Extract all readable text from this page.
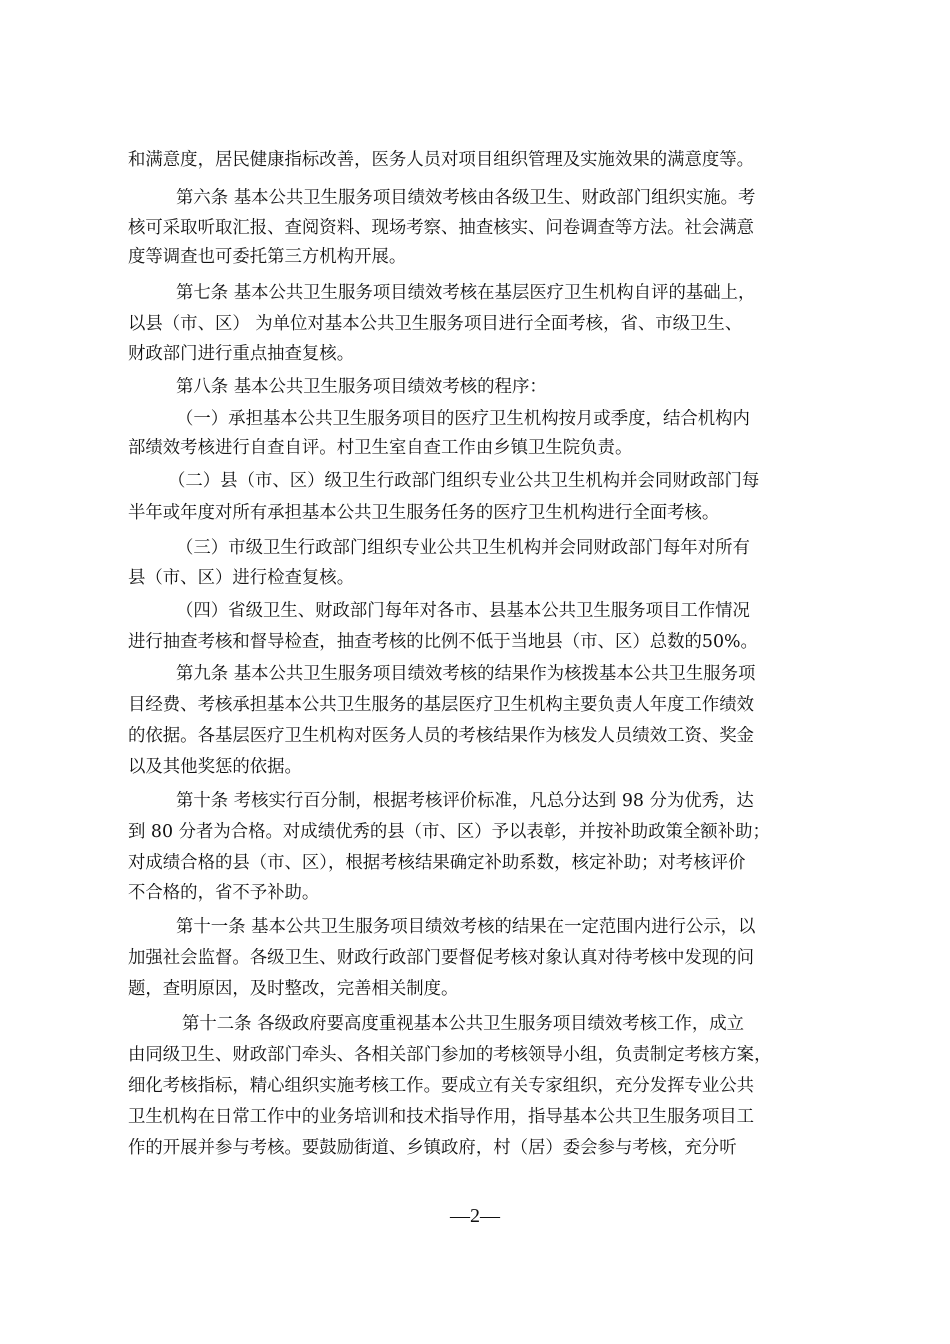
和满意度，居民健康指标改善，医务人员对项目组织管理及实施效果的满意度等。
第六条 基本公共卫生服务项目绩效考核由各级卫生、财政部门组织实施。考
核可采取听取汇报、查阅资料、现场考察、抽查核实、问卷调查等方法。社会满意
度等调查也可委托第三方机构开展。
第七条 基本公共卫生服务项目绩效考核在基层医疗卫生机构自评的基础上，
以县（市、区） 为单位对基本公共卫生服务项目进行全面考核，省、市级卫生、
财政部门进行重点抽查复核。
第八条 基本公共卫生服务项目绩效考核的程序：
（一）承担基本公共卫生服务项目的医疗卫生机构按月或季度，结合机构内
部绩效考核进行自查自评。村卫生室自查工作由乡镇卫生院负责。
（二）县（市、区）级卫生行政部门组织专业公共卫生机构并会同财政部门每
半年或年度对所有承担基本公共卫生服务任务的医疗卫生机构进行全面考核。
（三）市级卫生行政部门组织专业公共卫生机构并会同财政部门每年对所有
县（市、区）进行检查复核。
（四）省级卫生、财政部门每年对各市、县基本公共卫生服务项目工作情况
进行抽查考核和督导检查，抽查考核的比例不低于当地县（市、区）总数的50%。
第九条 基本公共卫生服务项目绩效考核的结果作为核拨基本公共卫生服务项
目经费、考核承担基本公共卫生服务的基层医疗卫生机构主要负责人年度工作绩效
的依据。各基层医疗卫生机构对医务人员的考核结果作为核发人员绩效工资、奖金
以及其他奖惩的依据。
第十条 考核实行百分制，根据考核评价标准，凡总分达到 98 分为优秀，达
到 80 分者为合格。对成绩优秀的县（市、区）予以表彰，并按补助政策全额补助；
对成绩合格的县（市、区），根据考核结果确定补助系数，核定补助；对考核评价
不合格的，省不予补助。
第十一条 基本公共卫生服务项目绩效考核的结果在一定范围内进行公示，以
加强社会监督。各级卫生、财政行政部门要督促考核对象认真对待考核中发现的问
题，查明原因，及时整改，完善相关制度。
第十二条 各级政府要高度重视基本公共卫生服务项目绩效考核工作，成立
由同级卫生、财政部门牵头、各相关部门参加的考核领导小组，负责制定考核方案，
细化考核指标，精心组织实施考核工作。要成立有关专家组织，充分发挥专业公共
卫生机构在日常工作中的业务培训和技术指导作用，指导基本公共卫生服务项目工
作的开展并参与考核。要鼓励街道、乡镇政府，村（居）委会参与考核，充分听
—2—
